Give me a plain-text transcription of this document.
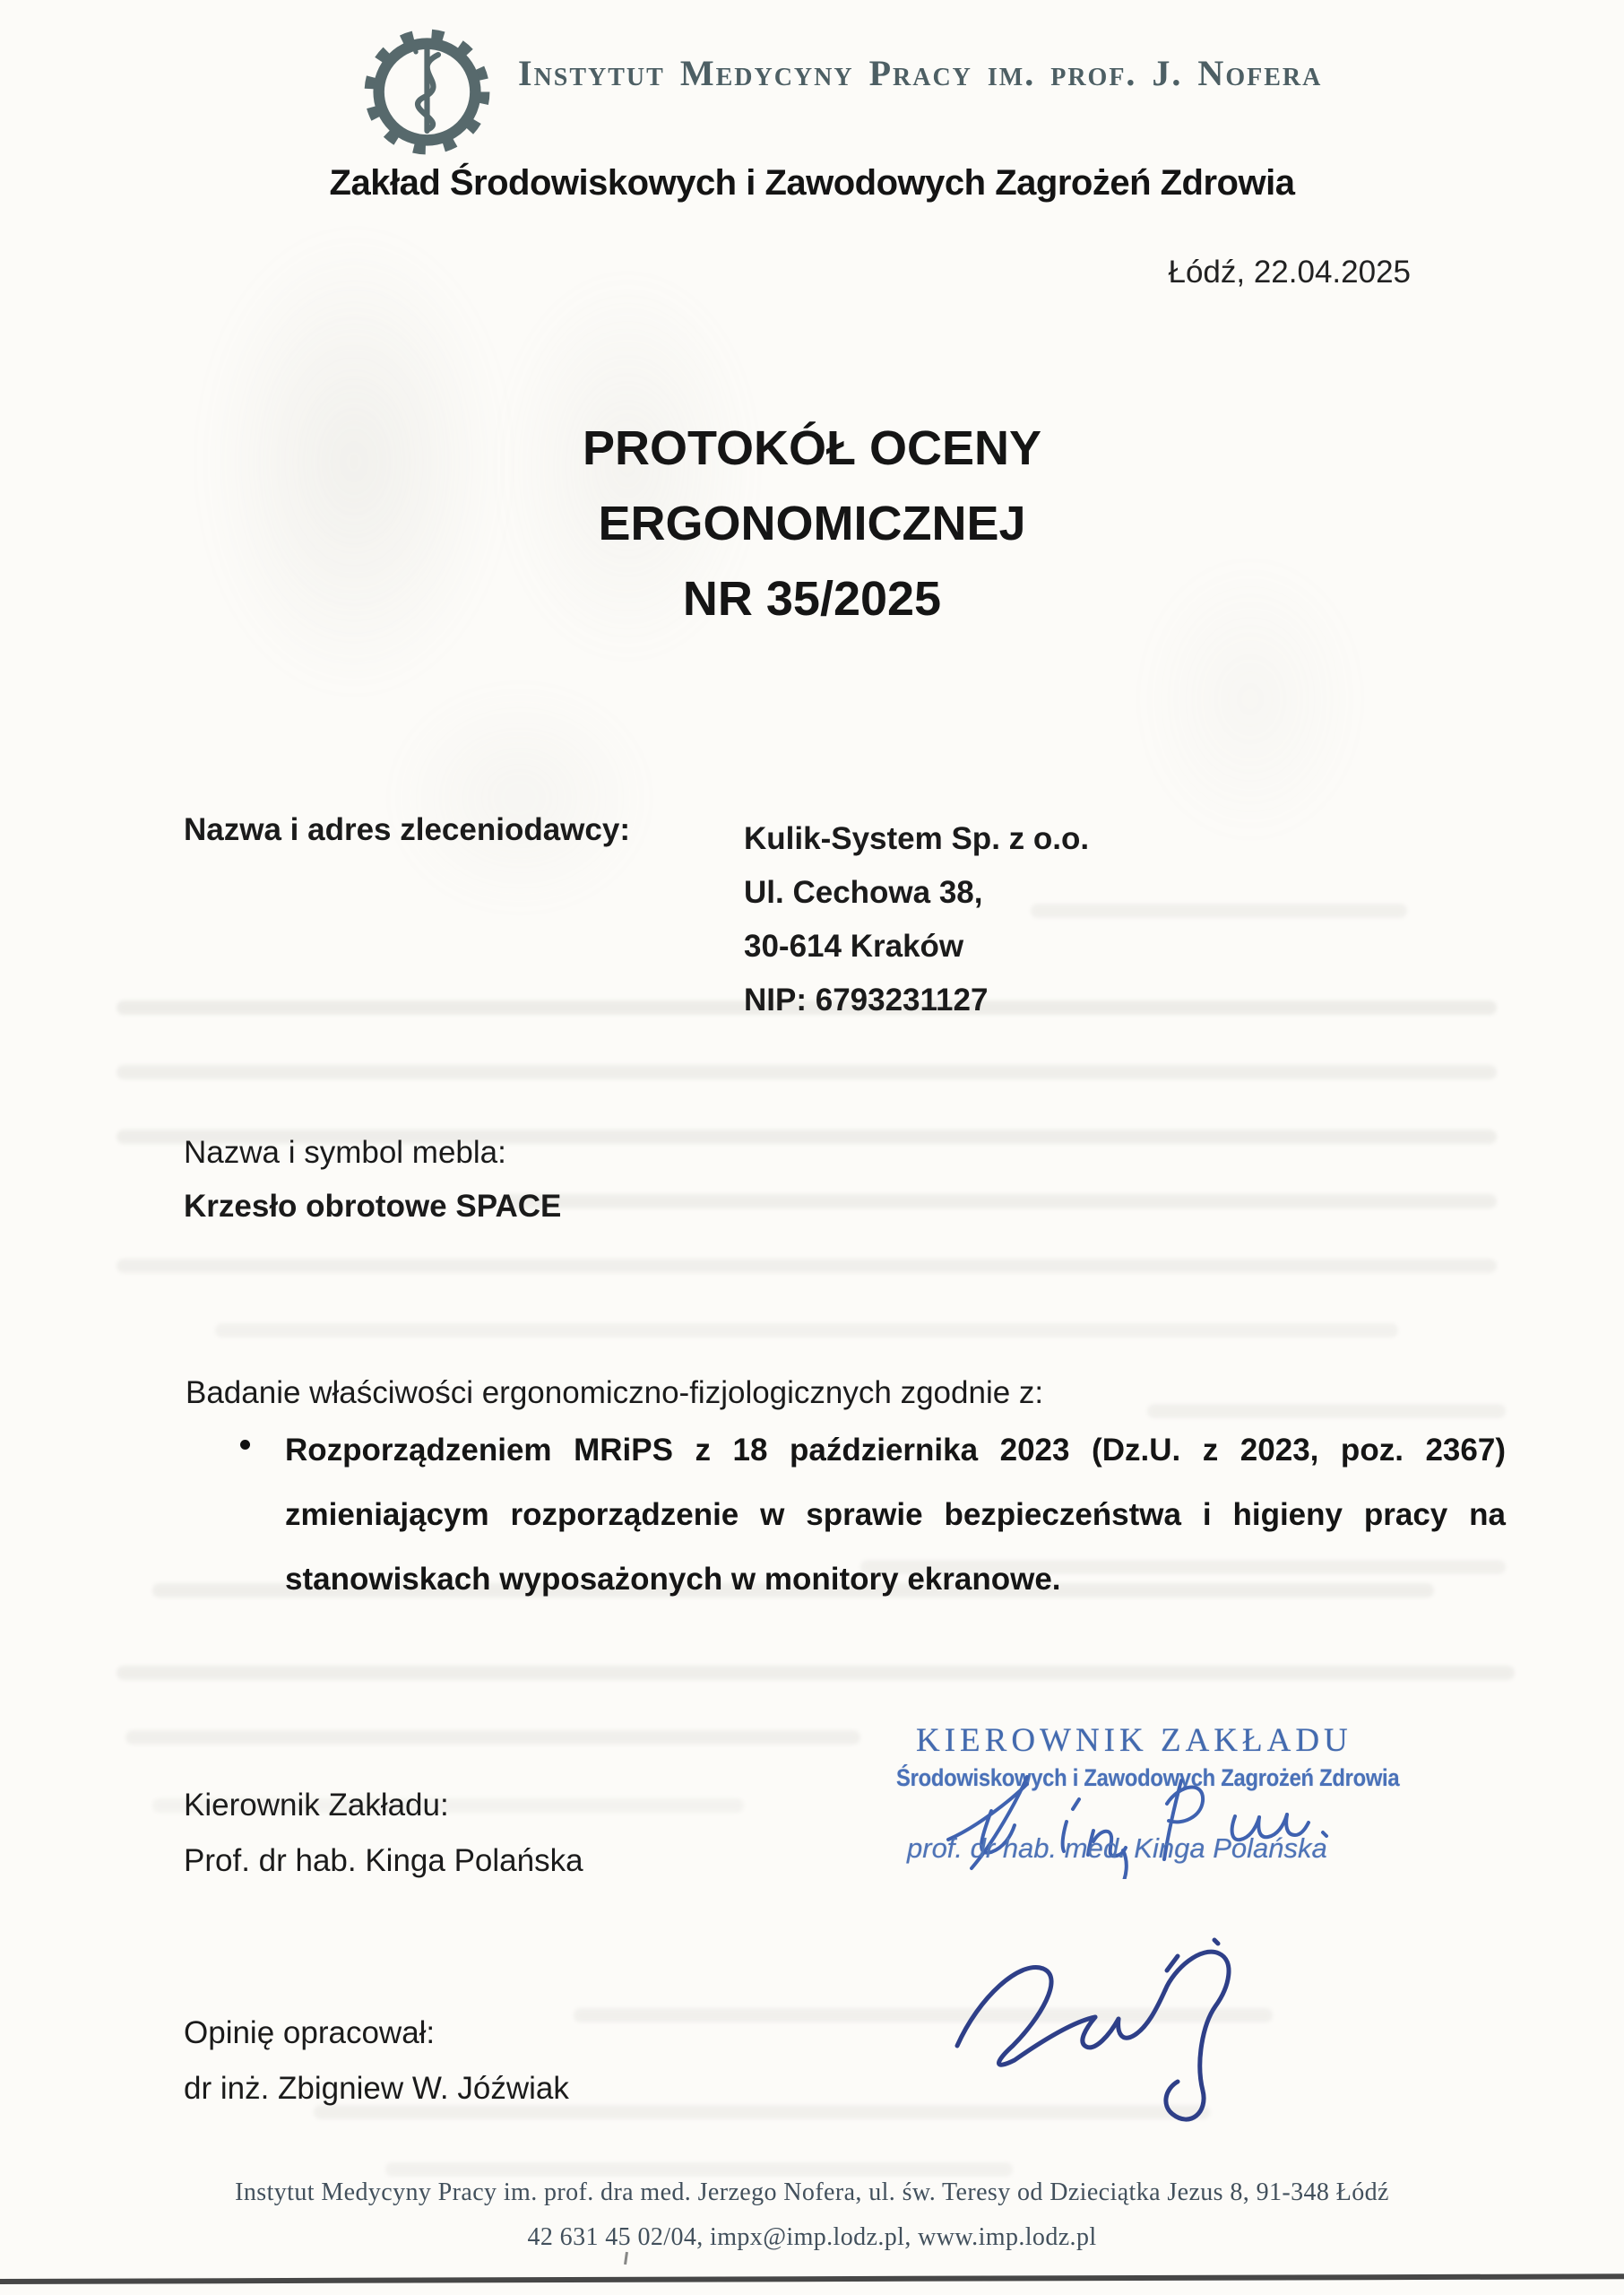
Instytut Medycyny Pracy im. prof. J. Nofera
Zakład Środowiskowych i Zawodowych Zagrożeń Zdrowia
Łódź, 22.04.2025
PROTOKÓŁ OCENY
ERGONOMICZNEJ
NR 35/2025
Nazwa i adres zleceniodawcy:	Kulik-System Sp. z o.o.
Ul. Cechowa 38,
30-614 Kraków
NIP: 6793231127
Nazwa i symbol mebla:
Krzesło obrotowe SPACE
Badanie właściwości ergonomiczno-fizjologicznych zgodnie z:
Rozporządzeniem MRiPS z 18 października 2023 (Dz.U. z 2023, poz. 2367) zmieniającym rozporządzenie w sprawie bezpieczeństwa i higieny pracy na stanowiskach wyposażonych w monitory ekranowe.
KIEROWNIK ZAKŁADU
Środowiskowych i Zawodowych Zagrożeń Zdrowia
prof. dr hab. med. Kinga Polańska
Kierownik Zakładu:
Prof. dr hab. Kinga Polańska
Opinię opracował:
dr inż. Zbigniew W. Jóźwiak
Instytut Medycyny Pracy im. prof. dra med. Jerzego Nofera, ul. św. Teresy od Dzieciątka Jezus 8, 91-348 Łódź
42 631 45 02/04, impx@imp.lodz.pl, www.imp.lodz.pl
